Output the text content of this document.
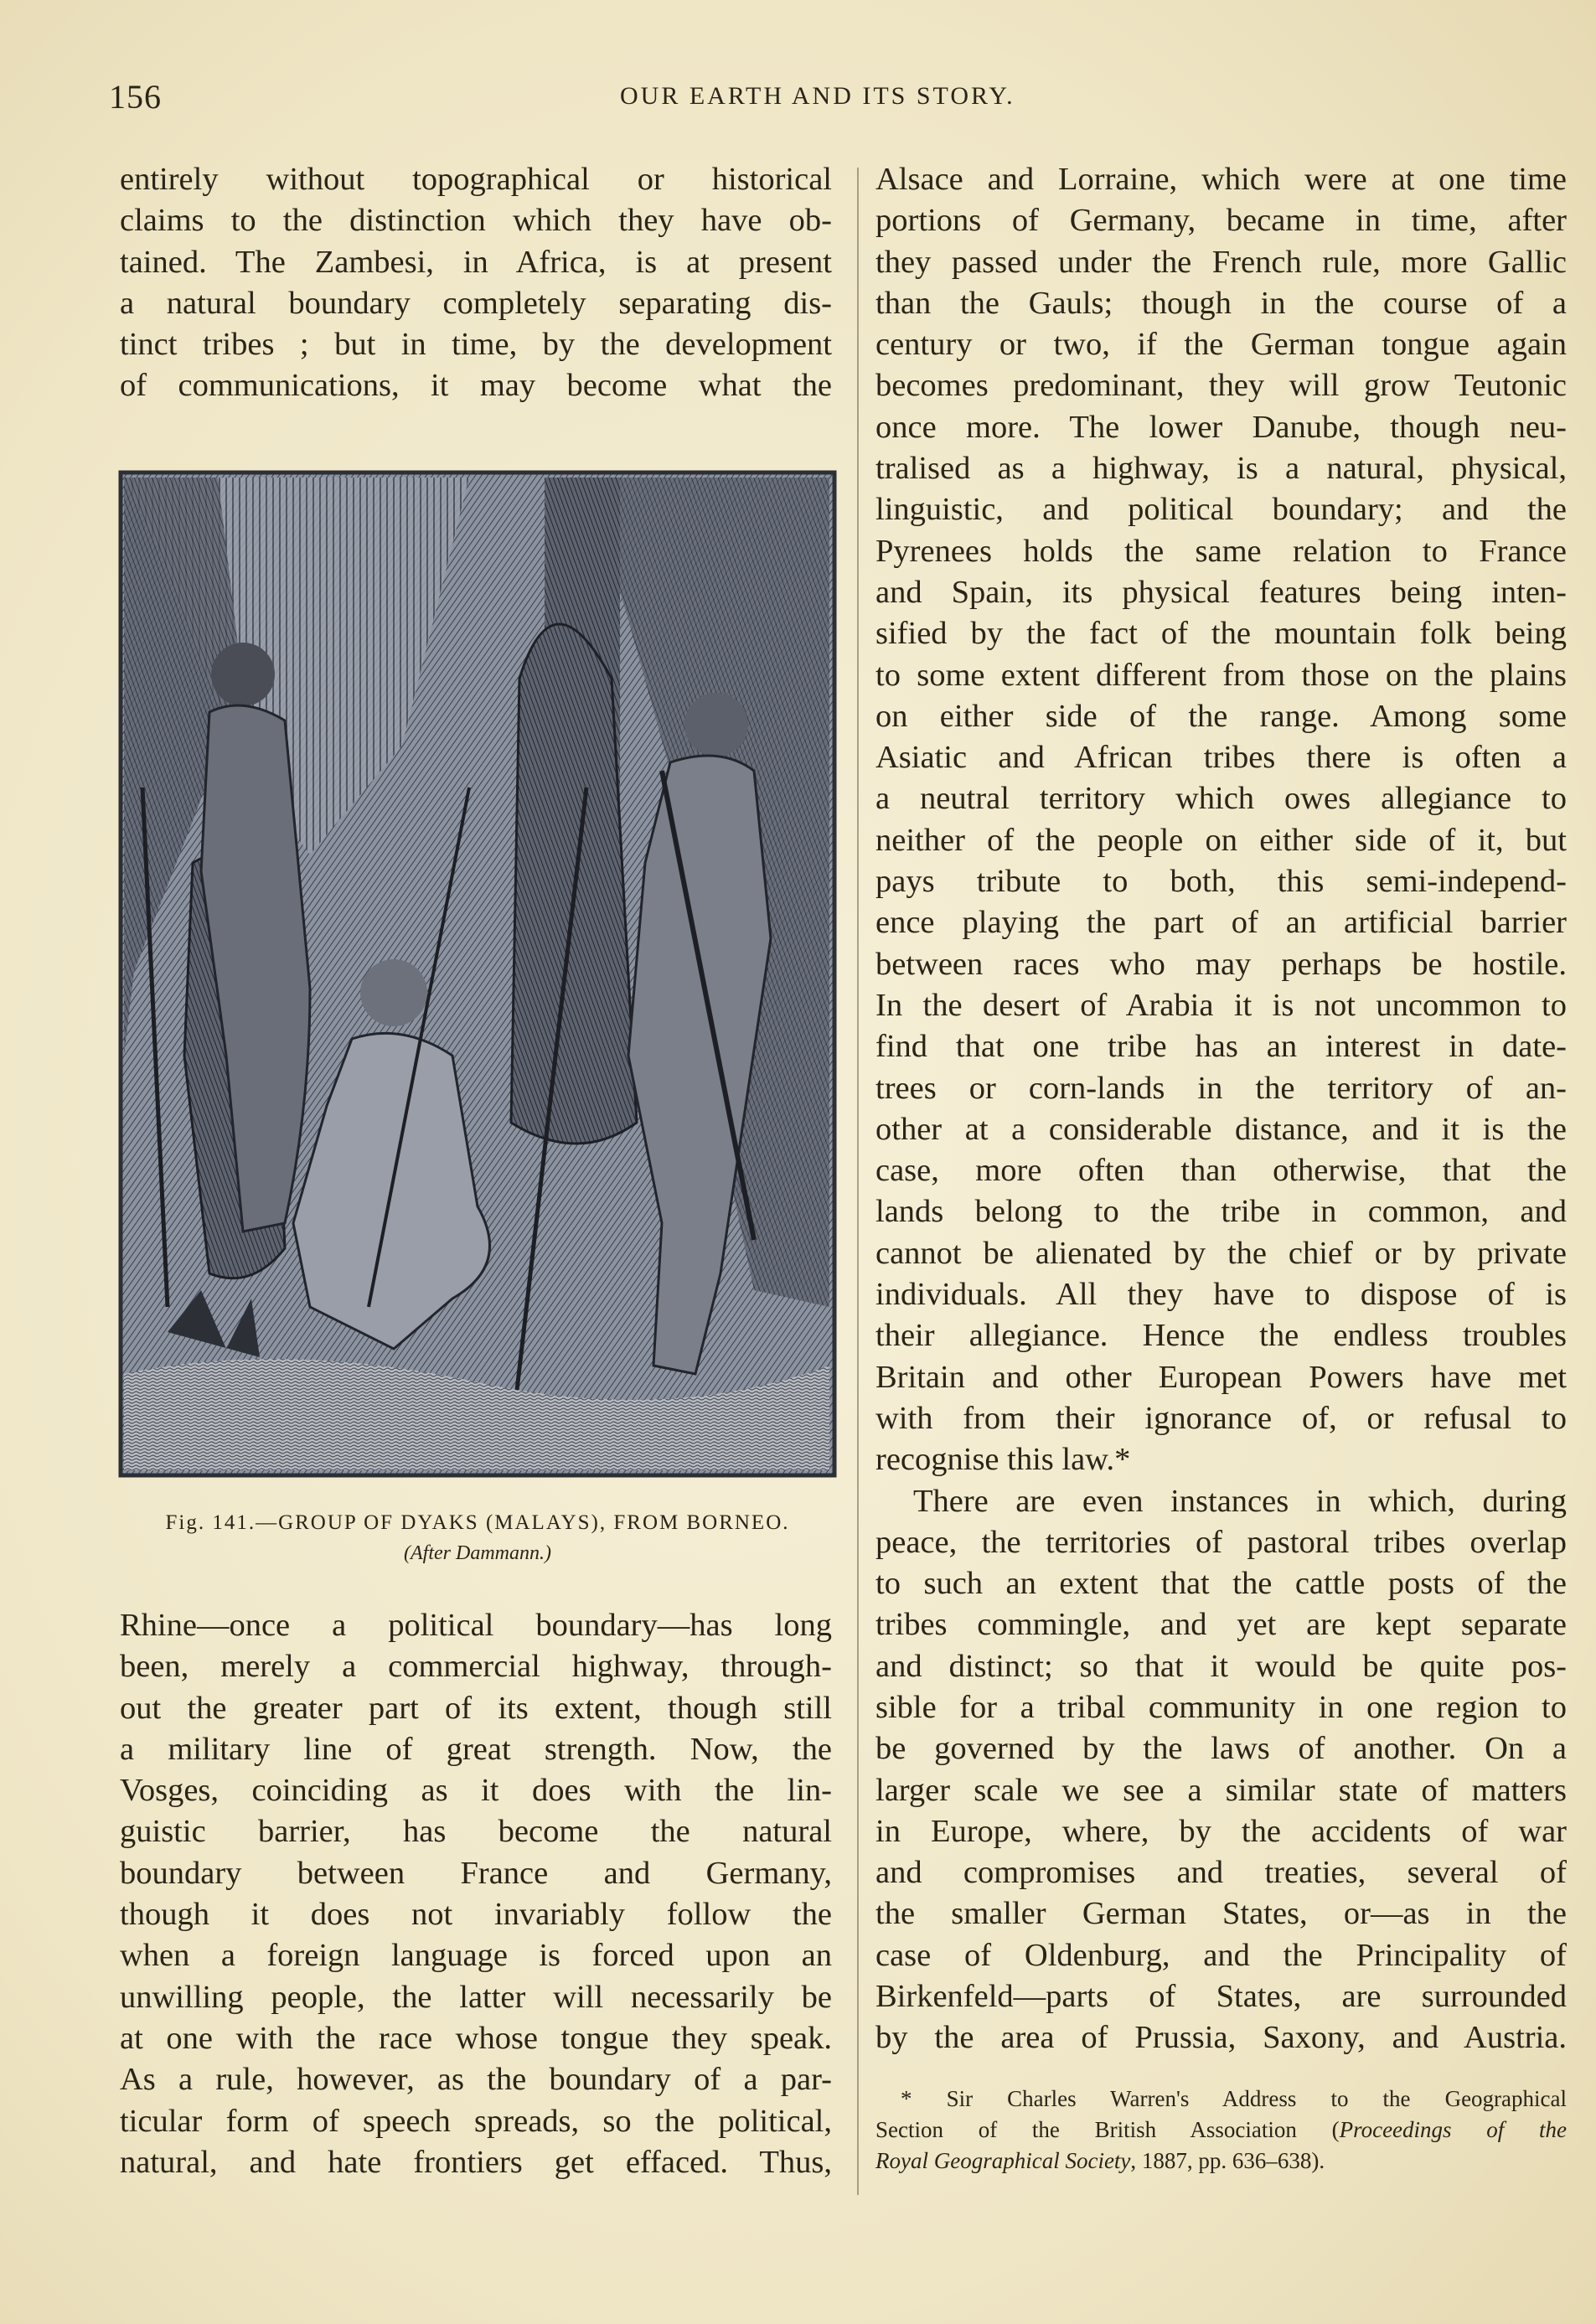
156	OUR EARTH AND ITS STORY.
entirely without topographical or historical
claims to the distinction which they have ob-
tained. The Zambesi, in Africa, is at present
a natural boundary completely separating dis-
tinct tribes ; but in time, by the development
of communications, it may become what the
Fig. 141.—GROUP OF DYAKS (MALAYS), FROM BORNEO.
(After Dammann.)
Rhine—once a political boundary—has long
been, merely a commercial highway, through-
out the greater part of its extent, though still
a military line of great strength. Now, the
Vosges, coinciding as it does with the lin-
guistic barrier, has become the natural
boundary between France and Germany,
though it does not invariably follow the
when a foreign language is forced upon an
unwilling people, the latter will necessarily be
at one with the race whose tongue they speak.
As a rule, however, as the boundary of a par-
ticular form of speech spreads, so the political,
natural, and hate frontiers get effaced. Thus,
Alsace and Lorraine, which were at one time
portions of Germany, became in time, after
they passed under the French rule, more Gallic
than the Gauls; though in the course of a
century or two, if the German tongue again
becomes predominant, they will grow Teutonic
once more. The lower Danube, though neu-
tralised as a highway, is a natural, physical,
linguistic, and political boundary; and the
Pyrenees holds the same relation to France
and Spain, its physical features being inten-
sified by the fact of the mountain folk being
to some extent different from those on the plains
on either side of the range. Among some
Asiatic and African tribes there is often a
a neutral territory which owes allegiance to
neither of the people on either side of it, but
pays tribute to both, this semi-independ-
ence playing the part of an artificial barrier
between races who may perhaps be hostile.
In the desert of Arabia it is not uncommon to
find that one tribe has an interest in date-
trees or corn-lands in the territory of an-
other at a considerable distance, and it is the
case, more often than otherwise, that the
lands belong to the tribe in common, and
cannot be alienated by the chief or by private
individuals. All they have to dispose of is
their allegiance. Hence the endless troubles
Britain and other European Powers have met
with from their ignorance of, or refusal to
recognise this law.*
There are even instances in which, during
peace, the territories of pastoral tribes overlap
to such an extent that the cattle posts of the
tribes commingle, and yet are kept separate
and distinct; so that it would be quite pos-
sible for a tribal community in one region to
be governed by the laws of another. On a
larger scale we see a similar state of matters
in Europe, where, by the accidents of war
and compromises and treaties, several of
the smaller German States, or—as in the
case of Oldenburg, and the Principality of
Birkenfeld—parts of States, are surrounded
by the area of Prussia, Saxony, and Austria.
* Sir Charles Warren's Address to the Geographical
Section of the British Association (Proceedings of the
Royal Geographical Society, 1887, pp. 636–638).
